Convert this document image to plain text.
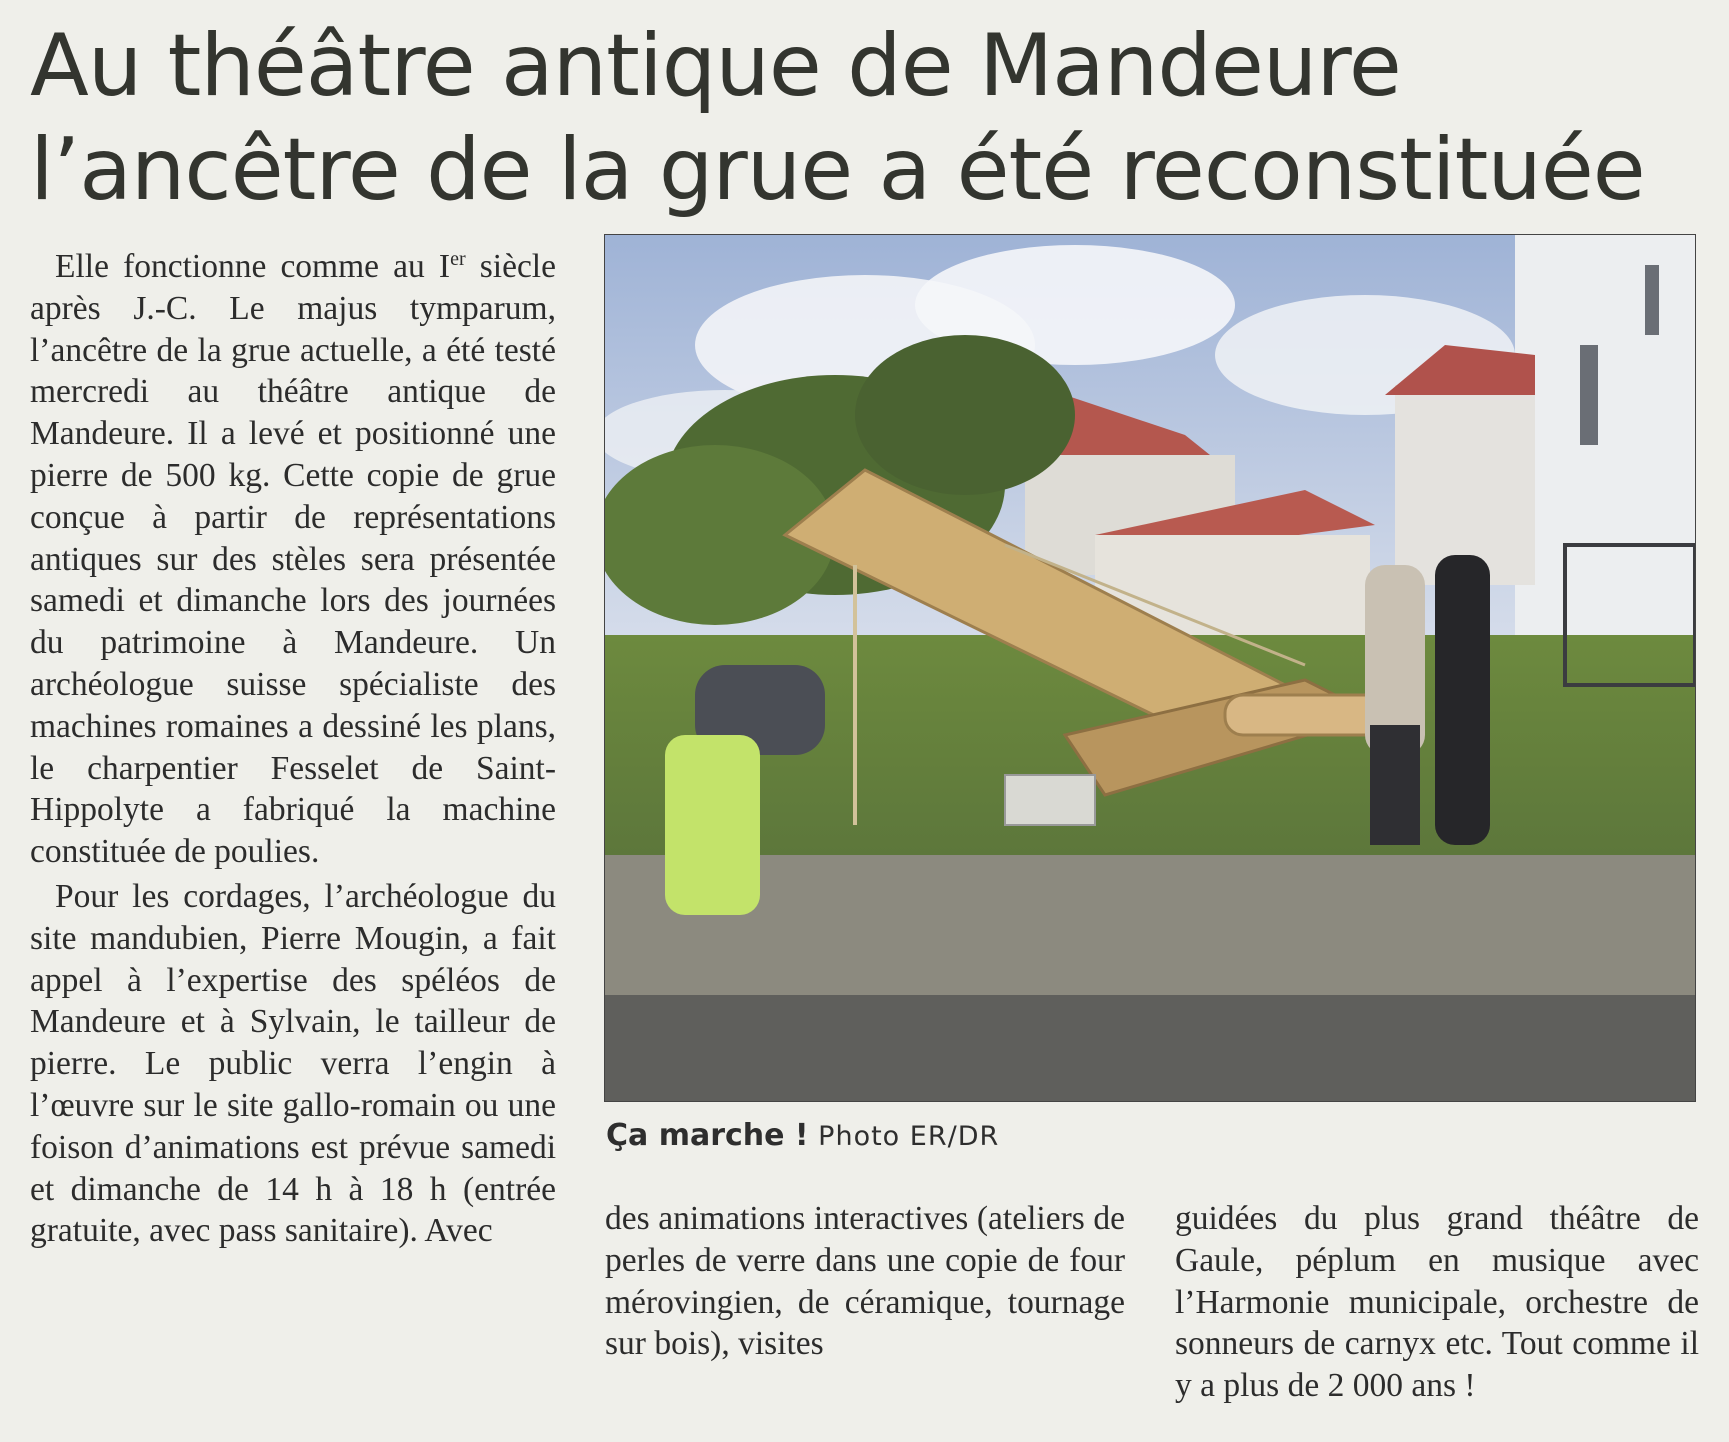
Au théâtre antique de Mandeure
l’ancêtre de la grue a été reconstituée

Elle fonctionne comme au Ier siècle après J.-C. Le majus tymparum, l’ancêtre de la grue actuelle, a été testé mercredi au théâtre antique de Mandeure. Il a levé et positionné une pierre de 500 kg. Cette copie de grue conçue à partir de représentations antiques sur des stèles sera présentée samedi et dimanche lors des journées du patrimoine à Mandeure. Un archéologue suisse spécialiste des machines romaines a dessiné les plans, le charpentier Fesselet de Saint-Hippolyte a fabriqué la machine constituée de poulies.

Pour les cordages, l’archéologue du site mandubien, Pierre Mougin, a fait appel à l’expertise des spéléos de Mandeure et à Sylvain, le tailleur de pierre. Le public verra l’engin à l’œuvre sur le site gallo-romain ou une foison d’animations est prévue samedi et dimanche de 14 h à 18 h (entrée gratuite, avec pass sanitaire). Avec

Ça marche ! Photo ER/DR

des animations interactives (ateliers de perles de verre dans une copie de four mérovingien, de céramique, tournage sur bois), visites

guidées du plus grand théâtre de Gaule, péplum en musique avec l’Harmonie municipale, orchestre de sonneurs de carnyx etc. Tout comme il y a plus de 2 000 ans !
